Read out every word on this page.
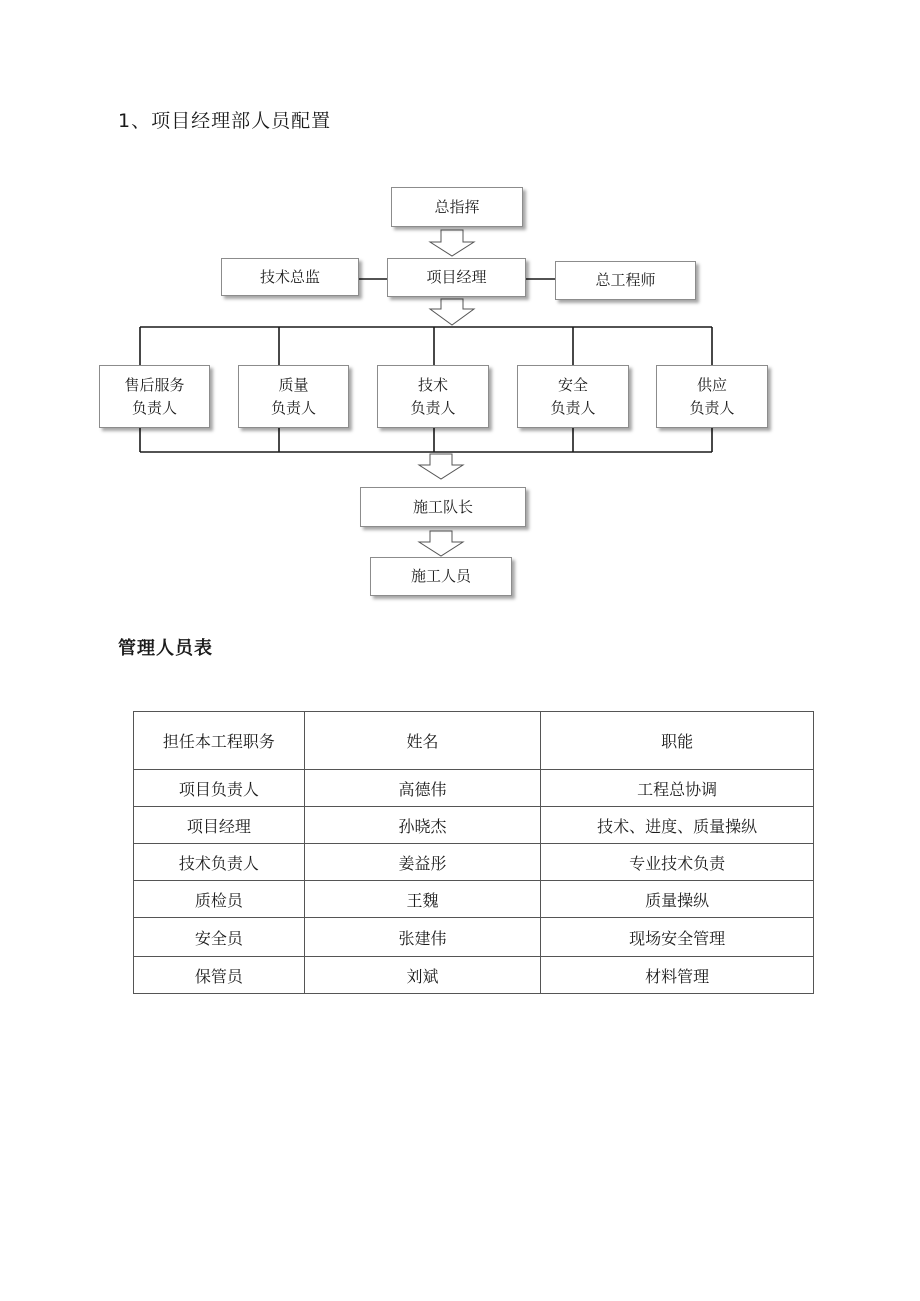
1、项目经理部人员配置
总指挥
技术总监	项目经理	总工程师
售后服务
负责人
质量
负责人
技术
负责人
安全
负责人
供应
负责人
施工队长
施工人员
管理人员表
担任本工程职务	姓名	职能
项目负责人	高德伟	工程总协调
项目经理	孙晓杰	技术、进度、质量操纵
技术负责人	姜益彤	专业技术负责
质检员	王魏	质量操纵
安全员	张建伟	现场安全管理
保管员	刘斌	材料管理
